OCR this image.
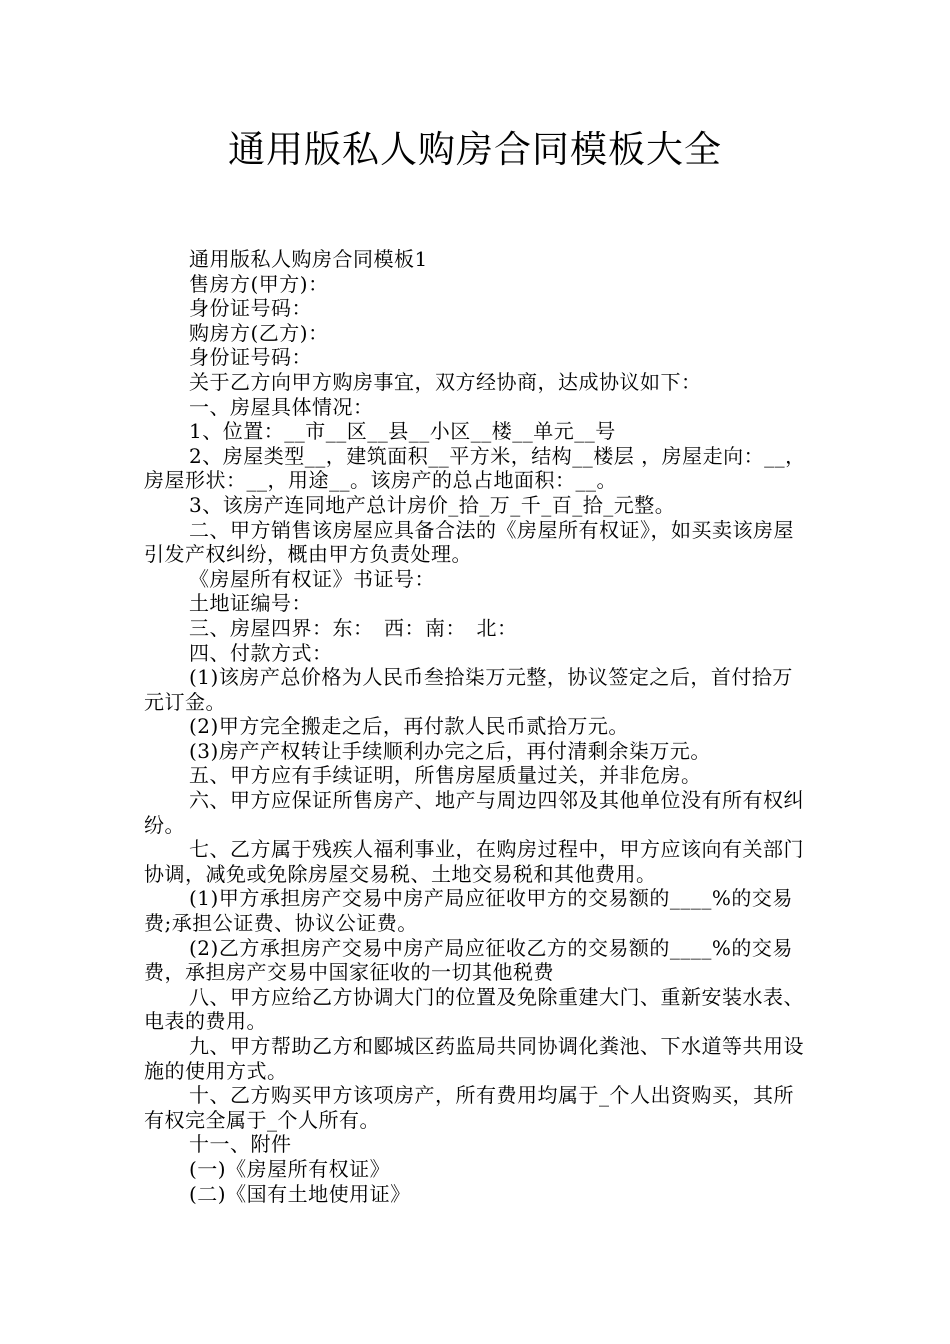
通用版私人购房合同模板大全

通用版私人购房合同模板1

售房方(甲方)：

身份证号码：

购房方(乙方)：

身份证号码：

关于乙方向甲方购房事宜，双方经协商，达成协议如下：

一、房屋具体情况：

1、位置：__市__区__县__小区__楼__单元__号

2、房屋类型__，建筑面积__平方米，结构__楼层 ，房屋走向：__，房屋形状：__，用途__。该房产的总占地面积：__。

3、该房产连同地产总计房价_拾_万_千_百_拾_元整。

二、甲方销售该房屋应具备合法的《房屋所有权证》，如买卖该房屋引发产权纠纷，概由甲方负责处理。

《房屋所有权证》书证号：

土地证编号：

三、房屋四界：东：　西：南：　北：

四、付款方式：

(1)该房产总价格为人民币叁拾柒万元整，协议签定之后，首付拾万元订金。

(2)甲方完全搬走之后，再付款人民币贰拾万元。

(3)房产产权转让手续顺利办完之后，再付清剩余柒万元。

五、甲方应有手续证明，所售房屋质量过关，并非危房。

六、甲方应保证所售房产、地产与周边四邻及其他单位没有所有权纠纷。

七、乙方属于残疾人福利事业，在购房过程中，甲方应该向有关部门协调，减免或免除房屋交易税、土地交易税和其他费用。

(1)甲方承担房产交易中房产局应征收甲方的交易额的____%的交易费;承担公证费、协议公证费。

(2)乙方承担房产交易中房产局应征收乙方的交易额的____%的交易费，承担房产交易中国家征收的一切其他税费

八、甲方应给乙方协调大门的位置及免除重建大门、重新安装水表、电表的费用。

九、甲方帮助乙方和郾城区药监局共同协调化粪池、下水道等共用设施的使用方式。

十、乙方购买甲方该项房产，所有费用均属于_个人出资购买，其所有权完全属于_个人所有。

十一、附件

(一)《房屋所有权证》

(二)《国有土地使用证》
